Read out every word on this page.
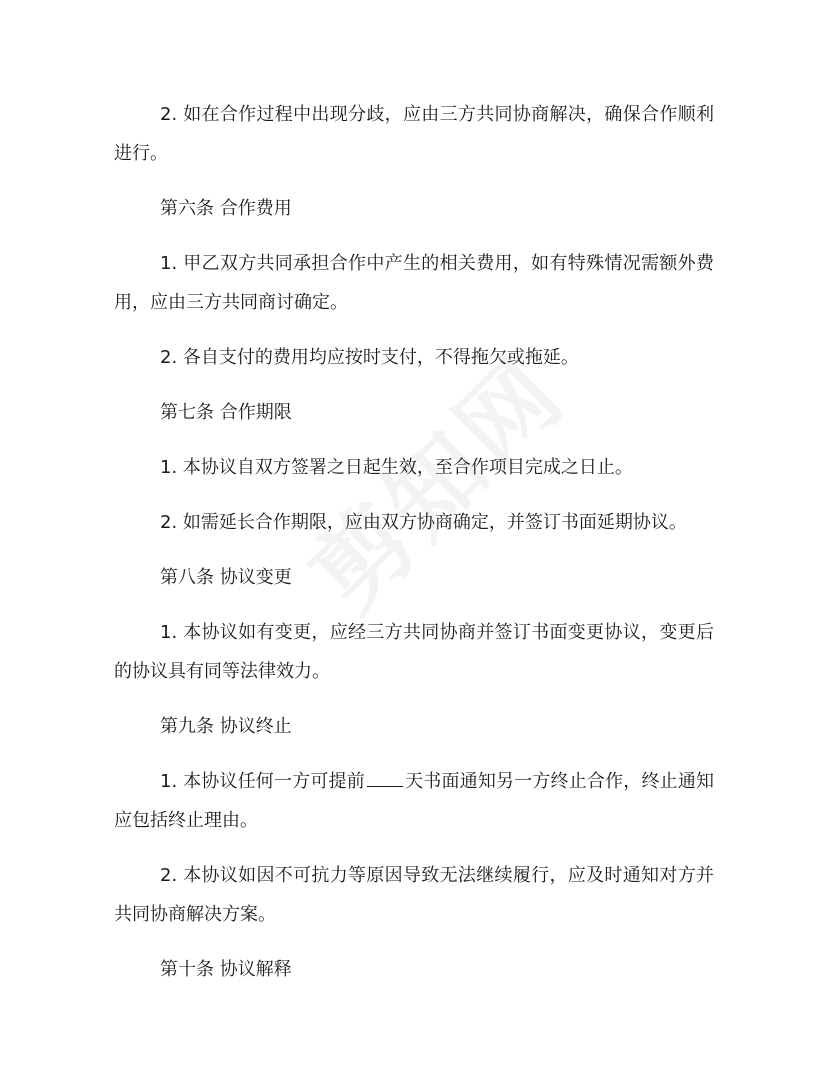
2. 如在合作过程中出现分歧，应由三方共同协商解决，确保合作顺利进行。

第六条 合作费用

1. 甲乙双方共同承担合作中产生的相关费用，如有特殊情况需额外费用，应由三方共同商讨确定。

2. 各自支付的费用均应按时支付，不得拖欠或拖延。

第七条 合作期限

1. 本协议自双方签署之日起生效，至合作项目完成之日止。

2. 如需延长合作期限，应由双方协商确定，并签订书面延期协议。

第八条 协议变更

1. 本协议如有变更，应经三方共同协商并签订书面变更协议，变更后的协议具有同等法律效力。

第九条 协议终止

1. 本协议任何一方可提前 天书面通知另一方终止合作，终止通知应包括终止理由。

2. 本协议如因不可抗力等原因导致无法继续履行，应及时通知对方并共同协商解决方案。

第十条 协议解释
